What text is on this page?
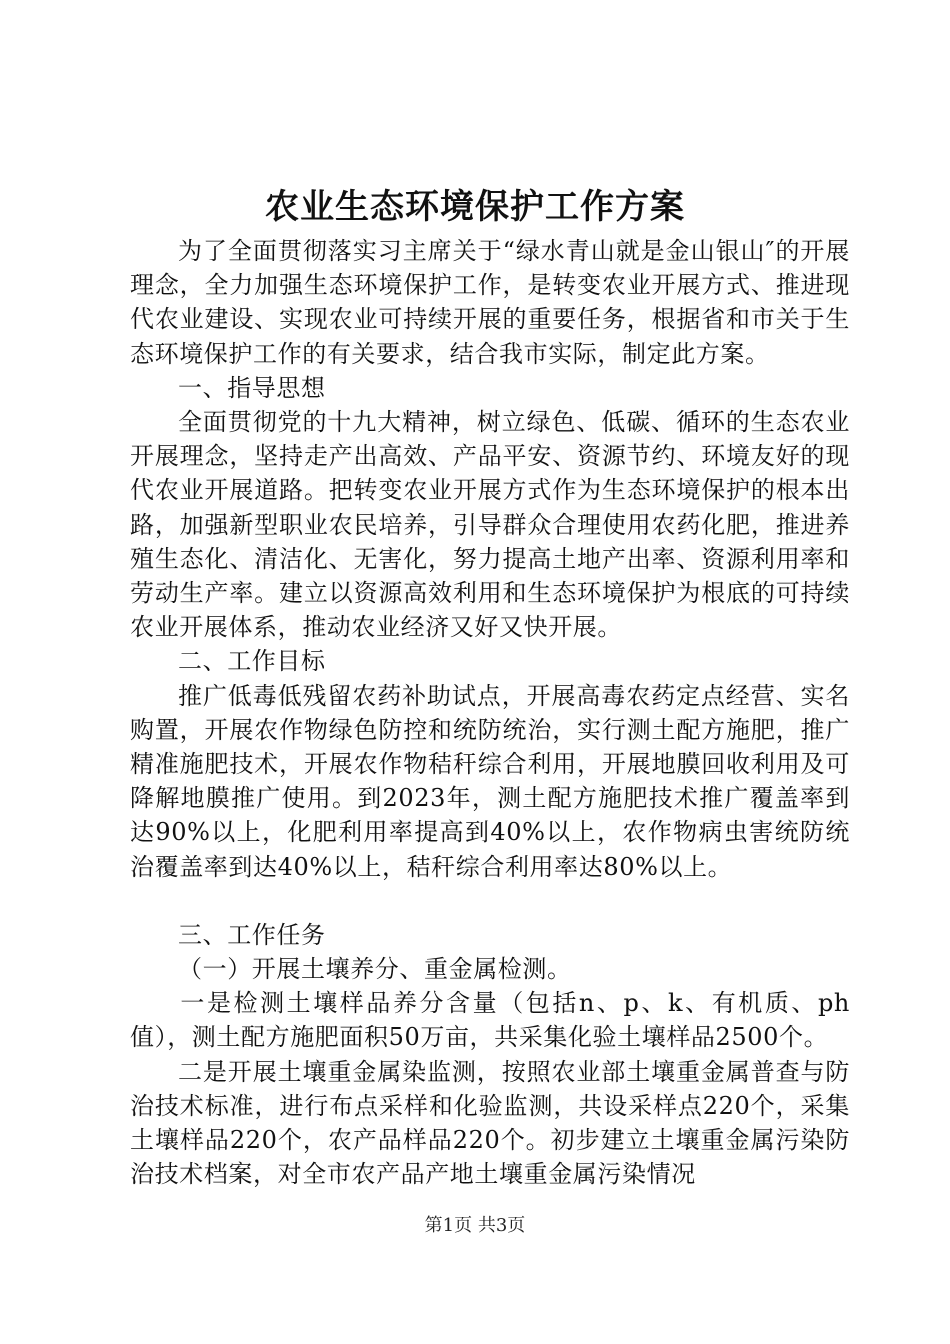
农业生态环境保护工作方案

为了全面贯彻落实习主席关于“绿水青山就是金山银山″的开展理念，全力加强生态环境保护工作，是转变农业开展方式、推进现代农业建设、实现农业可持续开展的重要任务，根据省和市关于生态环境保护工作的有关要求，结合我市实际，制定此方案。

一、指导思想

全面贯彻党的十九大精神，树立绿色、低碳、循环的生态农业开展理念，坚持走产出高效、产品平安、资源节约、环境友好的现代农业开展道路。把转变农业开展方式作为生态环境保护的根本出路，加强新型职业农民培养，引导群众合理使用农药化肥，推进养殖生态化、清洁化、无害化，努力提高土地产出率、资源利用率和劳动生产率。建立以资源高效利用和生态环境保护为根底的可持续农业开展体系，推动农业经济又好又快开展。

二、工作目标

推广低毒低残留农药补助试点，开展高毒农药定点经营、实名购置，开展农作物绿色防控和统防统治，实行测土配方施肥，推广精准施肥技术，开展农作物秸秆综合利用，开展地膜回收利用及可降解地膜推广使用。到2023年，测土配方施肥技术推广覆盖率到达90%以上，化肥利用率提高到40%以上，农作物病虫害统防统治覆盖率到达40%以上，秸秆综合利用率达80%以上。

三、工作任务

（一）开展土壤养分、重金属检测。

一是检测土壤样品养分含量（包括n、p、k、有机质、ph值），测土配方施肥面积50万亩，共采集化验土壤样品2500个。

二是开展土壤重金属染监测，按照农业部土壤重金属普查与防治技术标准，进行布点采样和化验监测，共设采样点220个，采集土壤样品220个，农产品样品220个。初步建立土壤重金属污染防治技术档案，对全市农产品产地土壤重金属污染情况

第1页 共3页
